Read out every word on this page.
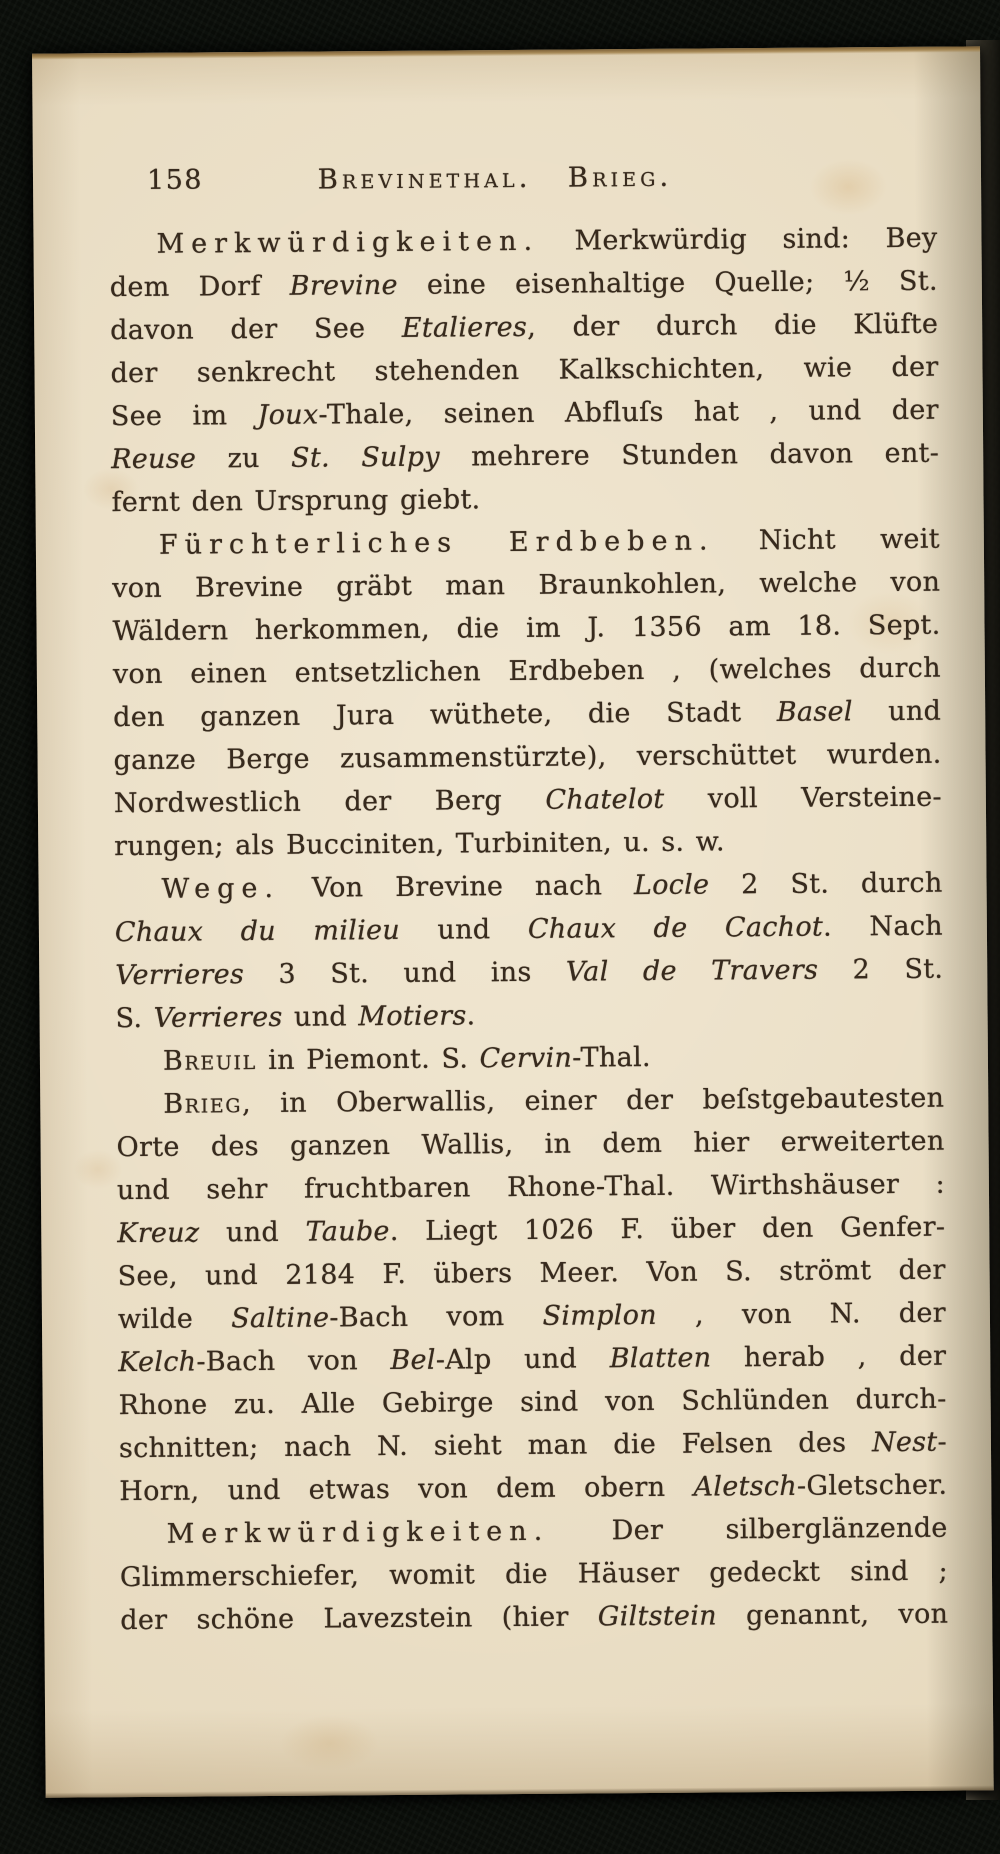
158	Brevinethal. Brieg.
Merkwürdigkeiten. Merkwürdig sind: Bey
dem Dorf Brevine eine eisenhaltige Quelle; ½ St.
davon der See Etalieres, der durch die Klüfte
der senkrecht stehenden Kalkschichten, wie der
See im Joux-Thale, seinen Abfluſs hat , und der
Reuse zu St. Sulpy mehrere Stunden davon ent-
fernt den Ursprung giebt.
Fürchterliches Erdbeben. Nicht weit
von Brevine gräbt man Braunkohlen, welche von
Wäldern herkommen, die im J. 1356 am 18. Sept.
von einen entsetzlichen Erdbeben , (welches durch
den ganzen Jura wüthete, die Stadt Basel und
ganze Berge zusammenstürzte), verschüttet wurden.
Nordwestlich der Berg Chatelot voll Versteine-
rungen; als Bucciniten, Turbiniten, u. s. w.
Wege. Von Brevine nach Locle 2 St. durch
Chaux du milieu und Chaux de Cachot. Nach
Verrieres 3 St. und ins Val de Travers 2 St.
S. Verrieres und Motiers.
Breuil in Piemont. S. Cervin-Thal.
Brieg, in Oberwallis, einer der beſstgebautesten
Orte des ganzen Wallis, in dem hier erweiterten
und sehr fruchtbaren Rhone-Thal. Wirthshäuser :
Kreuz und Taube. Liegt 1026 F. über den Genfer-
See, und 2184 F. übers Meer. Von S. strömt der
wilde Saltine-Bach vom Simplon , von N. der
Kelch-Bach von Bel-Alp und Blatten herab , der
Rhone zu. Alle Gebirge sind von Schlünden durch-
schnitten; nach N. sieht man die Felsen des Nest-
Horn, und etwas von dem obern Aletsch-Gletscher.
Merkwürdigkeiten. Der silberglänzende
Glimmerschiefer, womit die Häuser gedeckt sind ;
der schöne Lavezstein (hier Giltstein genannt, von
